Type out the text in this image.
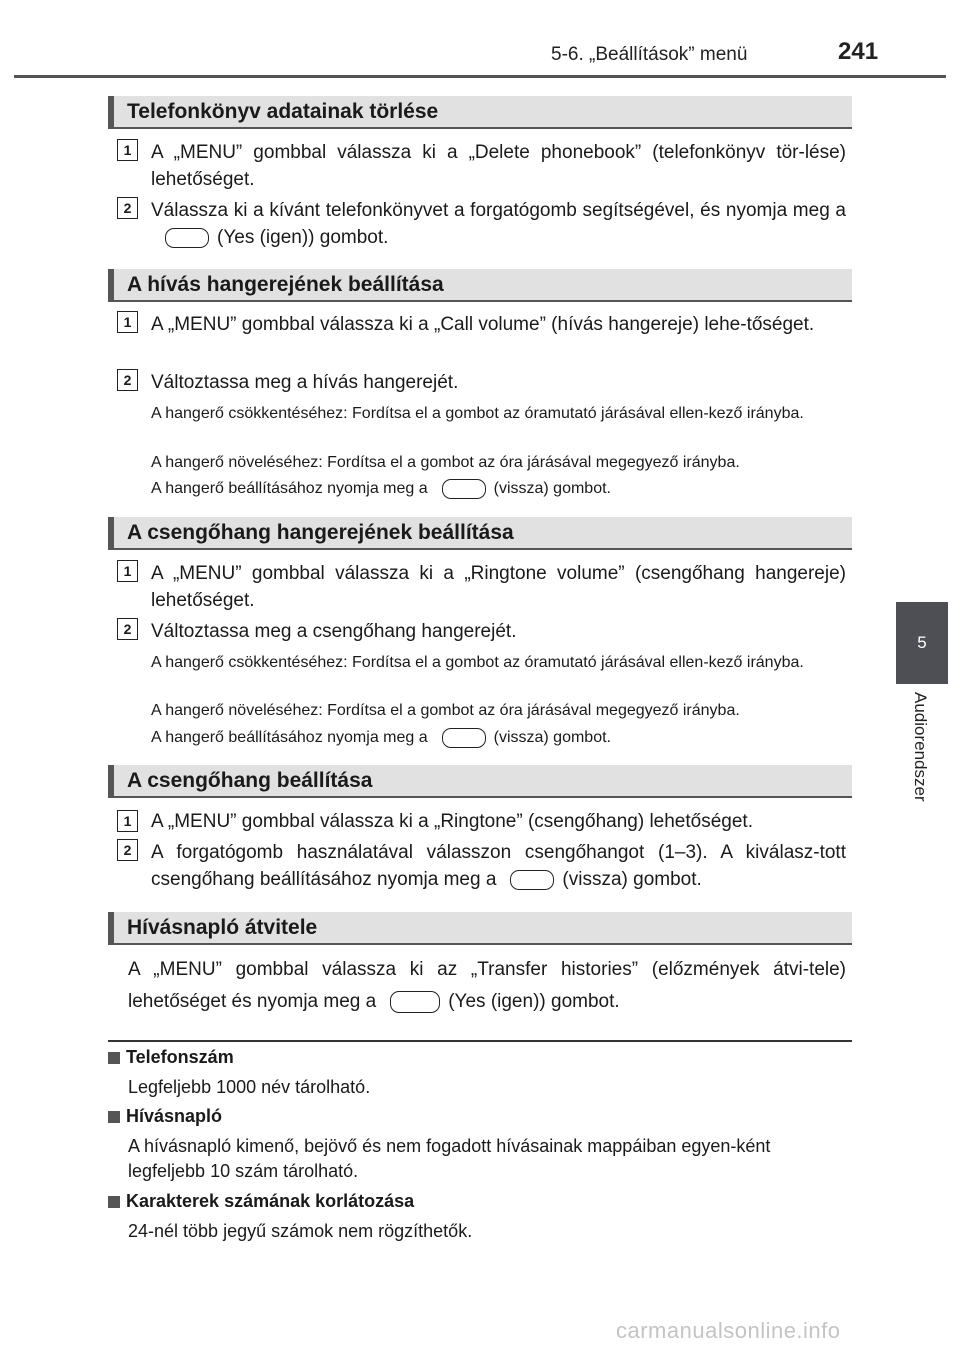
5-6. „Beállítások” menü	241
5
Audiorendszer
Telefonkönyv adatainak törlése
1	A „MENU” gombbal válassza ki a „Delete phonebook” (telefonkönyv tör-lése) lehetőséget.

2	Válassza ki a kívánt telefonkönyvet a forgatógomb segítségével, és nyomja meg a(Yes (igen)) gombot.

A hívás hangerejének beállítása
1	A „MENU” gombbal válassza ki a „Call volume” (hívás hangereje) lehe-tőséget.

2	Változtassa meg a hívás hangerejét.

A hangerő csökkentéséhez: Fordítsa el a gombot az óramutató járásával ellen-kező irányba.

A hangerő növeléséhez: Fordítsa el a gombot az óra járásával megegyező irányba.

A hangerő beállításához nyomja meg a	(vissza) gombot.

A csengőhang hangerejének beállítása
1	A „MENU” gombbal válassza ki a „Ringtone volume” (csengőhang hangereje) lehetőséget.

2	Változtassa meg a csengőhang hangerejét.

A hangerő csökkentéséhez: Fordítsa el a gombot az óramutató járásával ellen-kező irányba.

A hangerő növeléséhez: Fordítsa el a gombot az óra járásával megegyező irányba.

A hangerő beállításához nyomja meg a	(vissza) gombot.

A csengőhang beállítása
1	A „MENU” gombbal válassza ki a „Ringtone” (csengőhang) lehetőséget.

2	A forgatógomb használatával válasszon csengőhangot (1–3). A kiválasz-tott csengőhang beállításához nyomja meg a	(vissza) gombot.

Hívásnapló átvitele

A „MENU” gombbal válassza ki az „Transfer histories” (előzmények átvi-tele) lehetőséget és nyomja meg a	(Yes (igen)) gombot.

Telefonszám

Legfeljebb 1000 név tárolható.

Hívásnapló

A hívásnapló kimenő, bejövő és nem fogadott hívásainak mappáiban egyen-ként legfeljebb 10 szám tárolható.

Karakterek számának korlátozása

24-nél több jegyű számok nem rögzíthetők.

carmanualsonline.info
